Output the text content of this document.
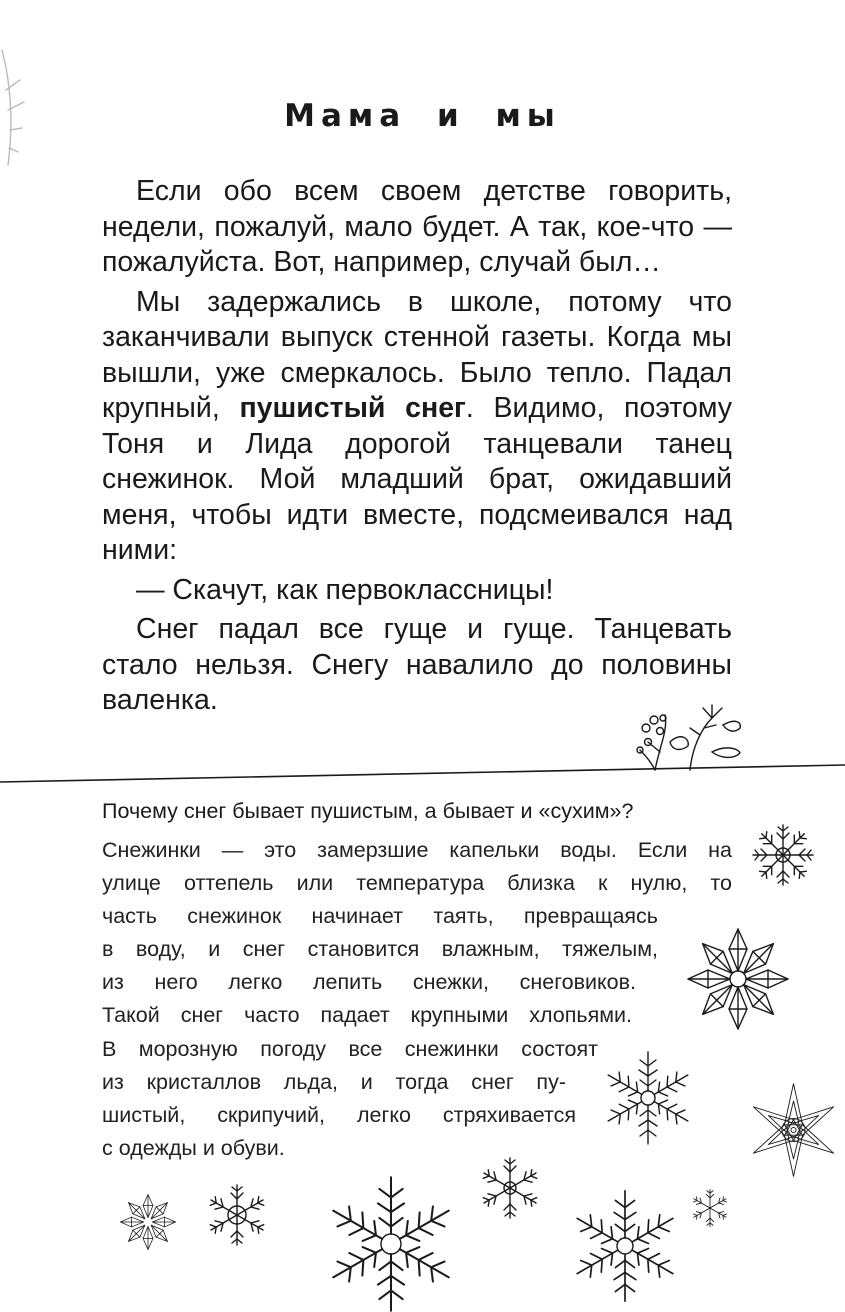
Мама и мы

Если обо всем своем детстве говорить, недели, пожалуй, мало будет. А так, кое-что — пожалуйста. Вот, например, случай был…

Мы задержались в школе, потому что заканчивали выпуск стенной газеты. Когда мы вышли, уже смеркалось. Было тепло. Падал крупный, пушистый снег. Видимо, поэтому Тоня и Лида дорогой танцевали танец снежинок. Мой младший брат, ожидавший меня, чтобы идти вместе, подсмеивался над ними:

— Скачут, как первоклассницы!

Снег падал все гуще и гуще. Танцевать стало нельзя. Снегу навалило до половины валенка.

Почему снег бывает пушистым, а бывает и «сухим»?
Снежинки — это замерзшие капельки воды. Если на
улице оттепель или температура близка к нулю, то
часть снежинок начинает таять, превращаясь
в воду, и снег становится влажным, тяжелым,
из него легко лепить снежки, снеговиков.
Такой снег часто падает крупными хлопьями.
В морозную погоду все снежинки состоят
из кристаллов льда, и тогда снег пу-
шистый, скрипучий, легко стряхивается
с одежды и обуви.
